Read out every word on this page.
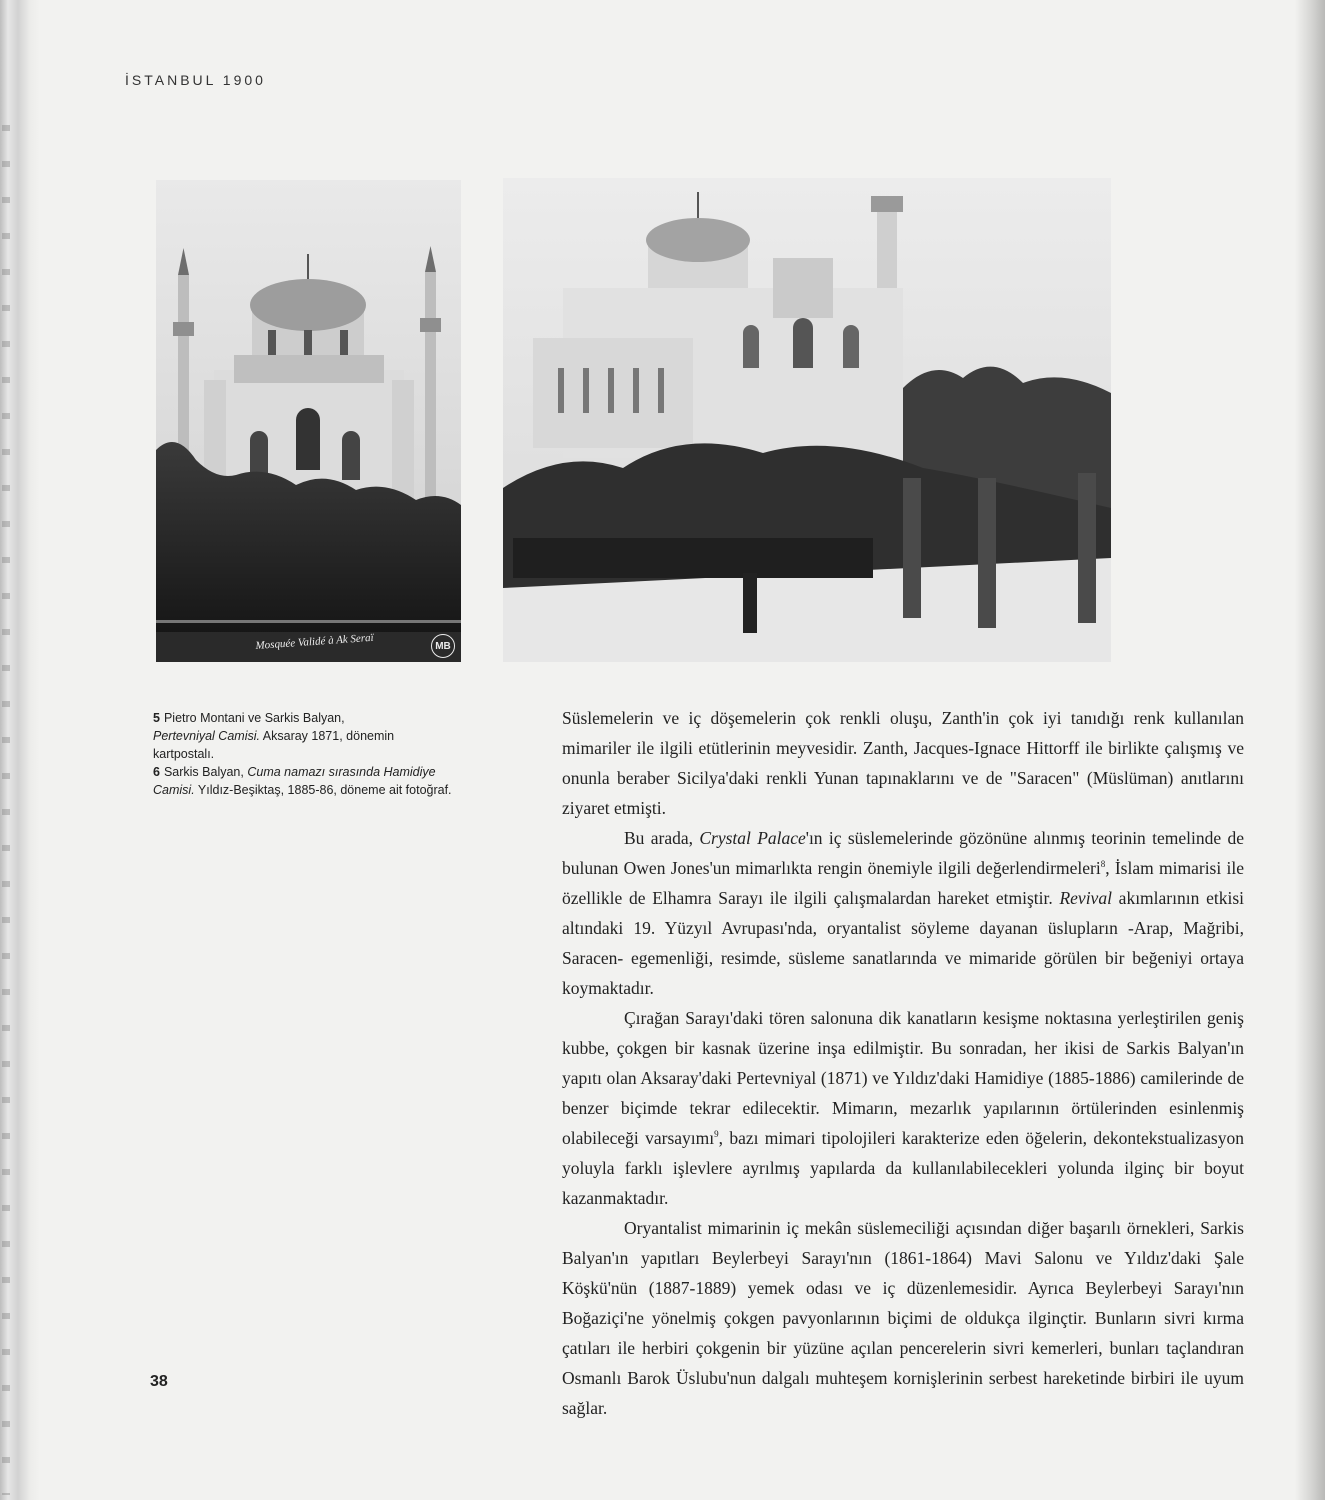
İSTANBUL 1900
Mosquée Validé à Ak Seraï	MB

5 Pietro Montani ve Sarkis Balyan,
Pertevniyal Camisi. Aksaray 1871, dönemin kartpostalı.

6 Sarkis Balyan, Cuma namazı sırasında Hamidiye Camisi. Yıldız-Beşiktaş, 1885-86, döneme ait fotoğraf.

Süslemelerin ve iç döşemelerin çok renkli oluşu, Zanth'in çok iyi tanıdığı renk kullanılan mimariler ile ilgili etütlerinin meyvesidir. Zanth, Jacques-Ignace Hittorff ile birlikte çalışmış ve onunla beraber Sicilya'daki renkli Yunan tapınaklarını ve de "Saracen" (Müslüman) anıtlarını ziyaret etmişti.

Bu arada, Crystal Palace'ın iç süslemelerinde gözönüne alınmış teorinin temelinde de bulunan Owen Jones'un mimarlıkta rengin önemiyle ilgili değerlendirmeleri$^8$, İslam mimarisi ile özellikle de Elhamra Sarayı ile ilgili çalışmalardan hareket etmiştir. Revival akımlarının etkisi altındaki 19. Yüzyıl Avrupası'nda, oryantalist söyleme dayanan üslupların -Arap, Mağribi, Saracen- egemenliği, resimde, süsleme sanatlarında ve mimaride görülen bir beğeniyi ortaya koymaktadır.

Çırağan Sarayı'daki tören salonuna dik kanatların kesişme noktasına yerleştirilen geniş kubbe, çokgen bir kasnak üzerine inşa edilmiştir. Bu sonradan, her ikisi de Sarkis Balyan'ın yapıtı olan Aksaray'daki Pertevniyal (1871) ve Yıldız'daki Hamidiye (1885-1886) camilerinde de benzer biçimde tekrar edilecektir. Mimarın, mezarlık yapılarının örtülerinden esinlenmiş olabileceği varsayımı$^9$, bazı mimari tipolojileri karakterize eden öğelerin, dekontekstualizasyon yoluyla farklı işlevlere ayrılmış yapılarda da kullanılabilecekleri yolunda ilginç bir boyut kazanmaktadır.

Oryantalist mimarinin iç mekân süslemeciliği açısından diğer başarılı örnekleri, Sarkis Balyan'ın yapıtları Beylerbeyi Sarayı'nın (1861-1864) Mavi Salonu ve Yıldız'daki Şale Köşkü'nün (1887-1889) yemek odası ve iç düzenlemesidir. Ayrıca Beylerbeyi Sarayı'nın Boğaziçi'ne yönelmiş çokgen pavyonlarının biçimi de oldukça ilginçtir. Bunların sivri kırma çatıları ile herbiri çokgenin bir yüzüne açılan pencerelerin sivri kemerleri, bunları taçlandıran Osmanlı Barok Üslubu'nun dalgalı muhteşem kornişlerinin serbest hareketinde birbiri ile uyum sağlar.

38
